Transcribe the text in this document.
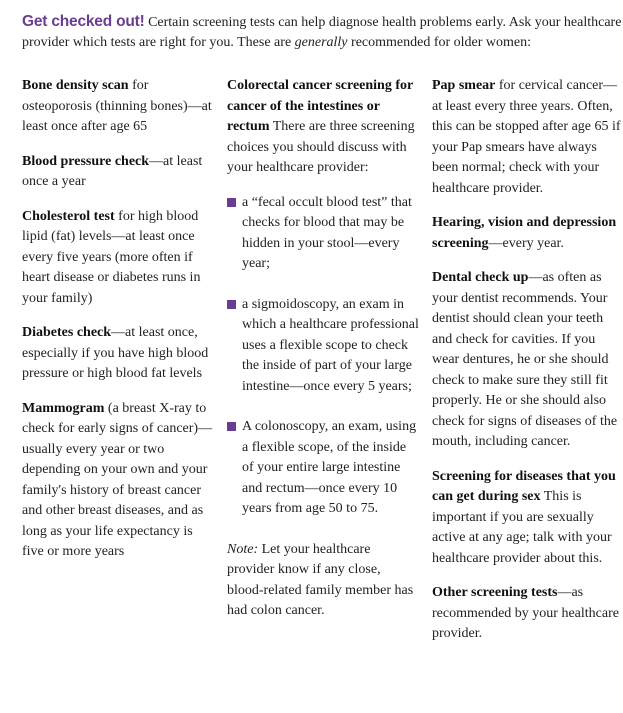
Get checked out! Certain screening tests can help diagnose health problems early. Ask your healthcare provider which tests are right for you. These are generally recommended for older women:

Bone density scan for osteoporosis (thinning bones)—at least once after age 65

Blood pressure check—at least once a year

Cholesterol test for high blood lipid (fat) levels—at least once every five years (more often if heart disease or diabetes runs in your family)

Diabetes check—at least once, especially if you have high blood pressure or high blood fat levels

Mammogram (a breast X-ray to check for early signs of cancer)—usually every year or two depending on your own and your family's history of breast cancer and other breast diseases, and as long as your life expectancy is five or more years

Colorectal cancer screening for cancer of the intestines or rectum There are three screening choices you should discuss with your healthcare provider:

a “fecal occult blood test” that checks for blood that may be hidden in your stool—every year;
a sigmoidoscopy, an exam in which a healthcare professional uses a flexible scope to check the inside of part of your large intestine—once every 5 years;
A colonoscopy, an exam, using a flexible scope, of the inside of your entire large intestine and rectum—once every 10 years from age 50 to 75.

Note: Let your healthcare provider know if any close, blood-related family member has had colon cancer.

Pap smear for cervical cancer—at least every three years. Often, this can be stopped after age 65 if your Pap smears have always been normal; check with your healthcare provider.

Hearing, vision and depression screening—every year.

Dental check up—as often as your dentist recommends. Your dentist should clean your teeth and check for cavities. If you wear dentures, he or she should check to make sure they still fit properly. He or she should also check for signs of diseases of the mouth, including cancer.

Screening for diseases that you can get during sex This is important if you are sexually active at any age; talk with your healthcare provider about this.

Other screening tests—as recommended by your healthcare provider.
